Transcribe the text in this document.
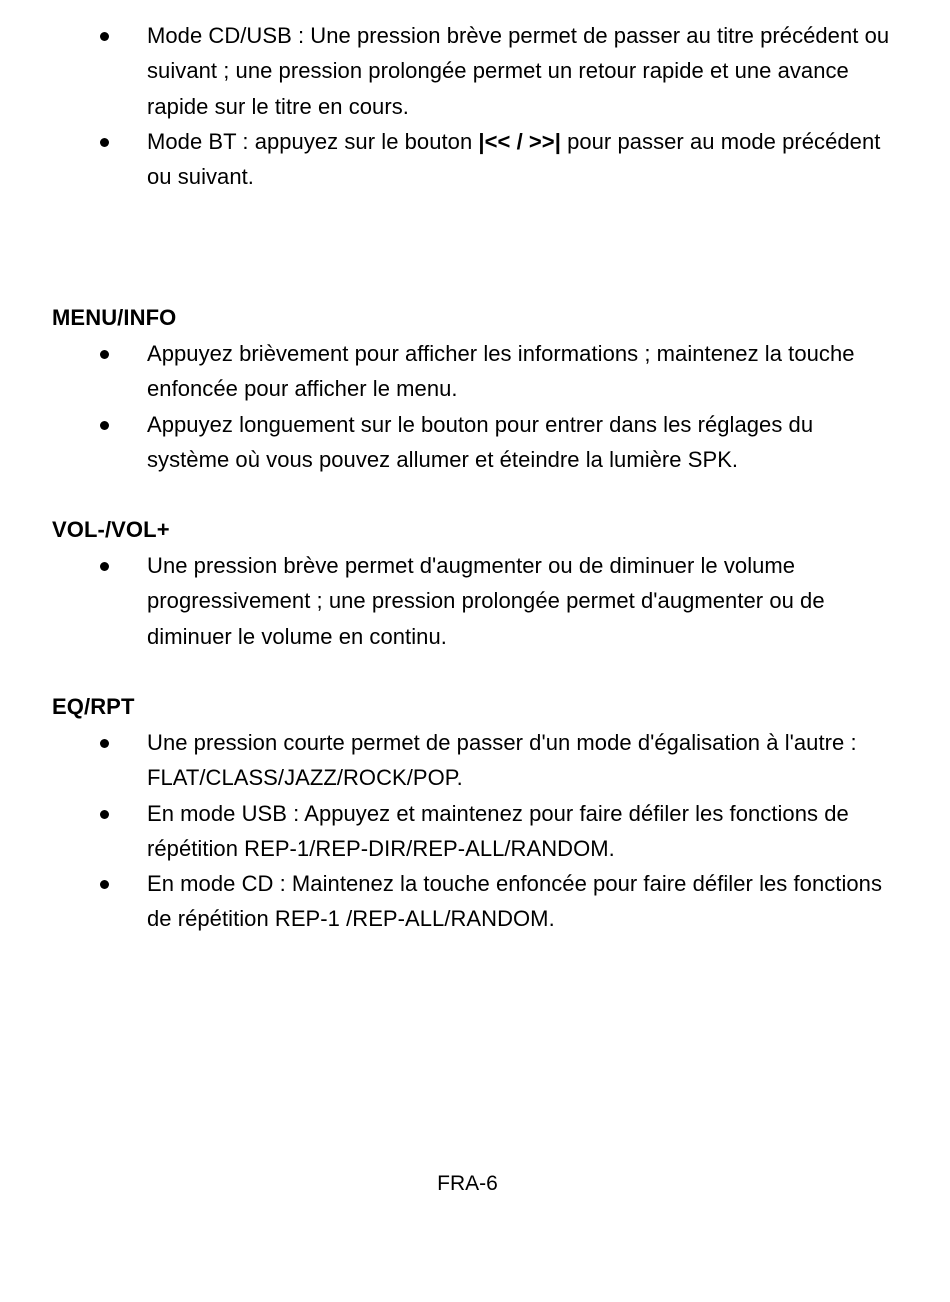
Mode CD/USB : Une pression brève permet de passer au titre précédent ou suivant ; une pression prolongée permet un retour rapide et une avance rapide sur le titre en cours.
Mode BT : appuyez sur le bouton |<< / >>| pour passer au mode précédent ou suivant.
MENU/INFO
Appuyez brièvement pour afficher les informations ; maintenez la touche enfoncée pour afficher le menu.
Appuyez longuement sur le bouton pour entrer dans les réglages du système où vous pouvez allumer et éteindre la lumière SPK.
VOL-/VOL+
Une pression brève permet d'augmenter ou de diminuer le volume progressivement ; une pression prolongée permet d'augmenter ou de diminuer le volume en continu.
EQ/RPT
Une pression courte permet de passer d'un mode d'égalisation à l'autre : FLAT/CLASS/JAZZ/ROCK/POP.
En mode USB : Appuyez et maintenez pour faire défiler les fonctions de répétition REP-1/REP-DIR/REP-ALL/RANDOM.
En mode CD : Maintenez la touche enfoncée pour faire défiler les fonctions de répétition REP-1 /REP-ALL/RANDOM.
FRA-6
